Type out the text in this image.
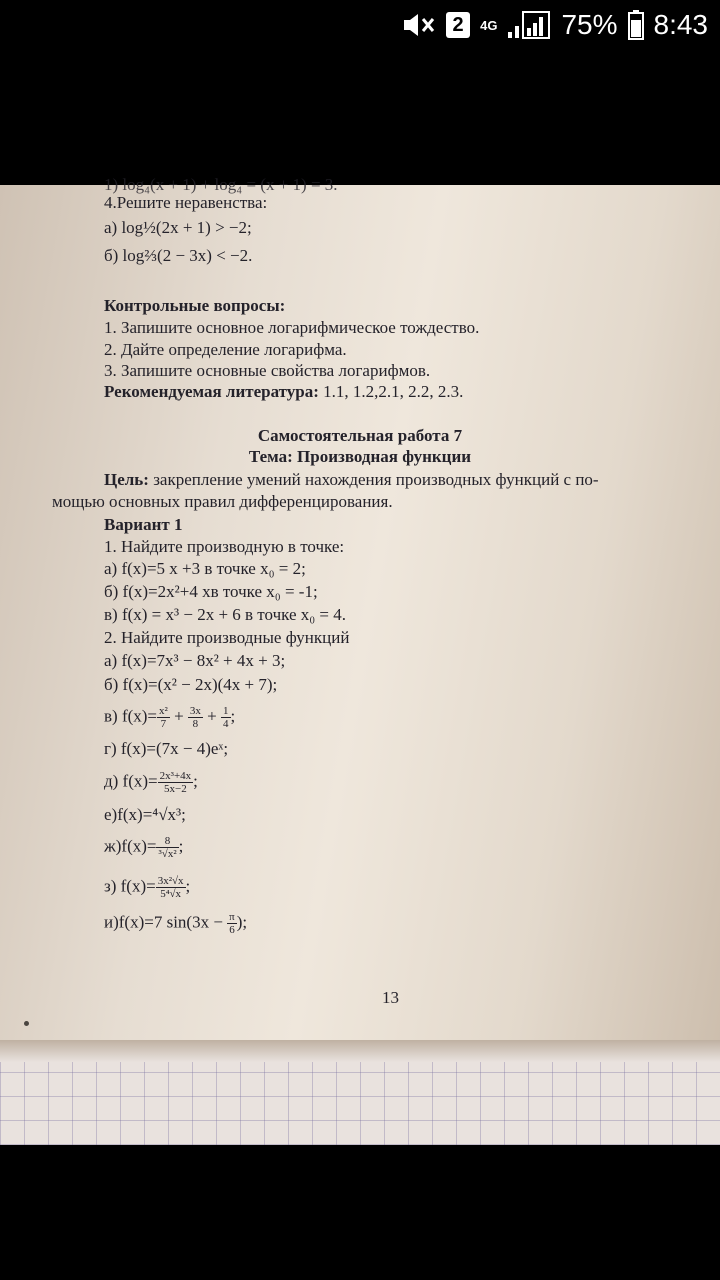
2	4G 75% 8:43
1) log₄(x + 1) + log₄ = (x + 1) = 3.
4.Решите неравенства:
а) log½(2x + 1) > −2;
б) log⅔(2 − 3x) < −2.
Контрольные вопросы:
1. Запишите основное логарифмическое тождество.
2. Дайте определение логарифма.
3. Запишите основные свойства логарифмов.
Рекомендуемая литература: 1.1, 1.2,2.1, 2.2, 2.3.
Самостоятельная работа 7
Тема: Производная функции
Цель: закрепление умений нахождения производных функций с по-
мощью основных правил дифференцирования.
Вариант 1
1. Найдите производную в точке:
а) f(x)=5 x +3 в точке x₀ = 2;
б) f(x)=2x²+4 xв точке x₀ = -1;
в) f(x) = x³ − 2x + 6 в точке x₀ = 4.
2. Найдите производные функций
а) f(x)=7x³ − 8x² + 4x + 3;
б) f(x)=(x² − 2x)(4x + 7);
в) $f(x)= \frac{\text{x²}}{7} + \frac{3x}{8} + \frac{1}{4}$ ;
г) f(x)=(7x − 4)eˣ;
д) $f(x)= \frac{\text{2x³+4x}}{5x-2}$ ;
е)f(x)=⁴√x³;
$ж)f(x)= \frac{8}{\text{³√x²}}$ ;
з) $f(x)= \frac{\text{3x²√x}}{\text{5⁴√x}}$ ;
и)f(x)=7 $\sin(3x - \frac{\pi}{6}$ );
13
